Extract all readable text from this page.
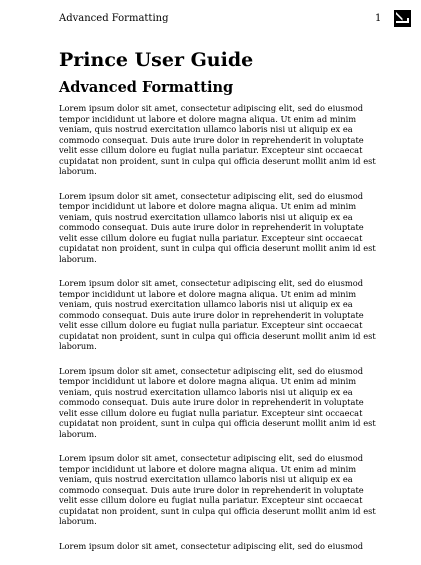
Advanced Formatting	1
Prince User Guide
Advanced Formatting

Lorem ipsum dolor sit amet, consectetur adipiscing elit, sed do eiusmod tempor incididunt ut labore et dolore magna aliqua. Ut enim ad minim veniam, quis nostrud exercitation ullamco laboris nisi ut aliquip ex ea commodo consequat. Duis aute irure dolor in reprehenderit in voluptate velit esse cillum dolore eu fugiat nulla pariatur. Excepteur sint occaecat cupidatat non proident, sunt in culpa qui officia deserunt mollit anim id est laborum.

Lorem ipsum dolor sit amet, consectetur adipiscing elit, sed do eiusmod tempor incididunt ut labore et dolore magna aliqua. Ut enim ad minim veniam, quis nostrud exercitation ullamco laboris nisi ut aliquip ex ea commodo consequat. Duis aute irure dolor in reprehenderit in voluptate velit esse cillum dolore eu fugiat nulla pariatur. Excepteur sint occaecat cupidatat non proident, sunt in culpa qui officia deserunt mollit anim id est laborum.

Lorem ipsum dolor sit amet, consectetur adipiscing elit, sed do eiusmod tempor incididunt ut labore et dolore magna aliqua. Ut enim ad minim veniam, quis nostrud exercitation ullamco laboris nisi ut aliquip ex ea commodo consequat. Duis aute irure dolor in reprehenderit in voluptate velit esse cillum dolore eu fugiat nulla pariatur. Excepteur sint occaecat cupidatat non proident, sunt in culpa qui officia deserunt mollit anim id est laborum.

Lorem ipsum dolor sit amet, consectetur adipiscing elit, sed do eiusmod tempor incididunt ut labore et dolore magna aliqua. Ut enim ad minim veniam, quis nostrud exercitation ullamco laboris nisi ut aliquip ex ea commodo consequat. Duis aute irure dolor in reprehenderit in voluptate velit esse cillum dolore eu fugiat nulla pariatur. Excepteur sint occaecat cupidatat non proident, sunt in culpa qui officia deserunt mollit anim id est laborum.

Lorem ipsum dolor sit amet, consectetur adipiscing elit, sed do eiusmod tempor incididunt ut labore et dolore magna aliqua. Ut enim ad minim veniam, quis nostrud exercitation ullamco laboris nisi ut aliquip ex ea commodo consequat. Duis aute irure dolor in reprehenderit in voluptate velit esse cillum dolore eu fugiat nulla pariatur. Excepteur sint occaecat cupidatat non proident, sunt in culpa qui officia deserunt mollit anim id est laborum.

Lorem ipsum dolor sit amet, consectetur adipiscing elit, sed do eiusmod
